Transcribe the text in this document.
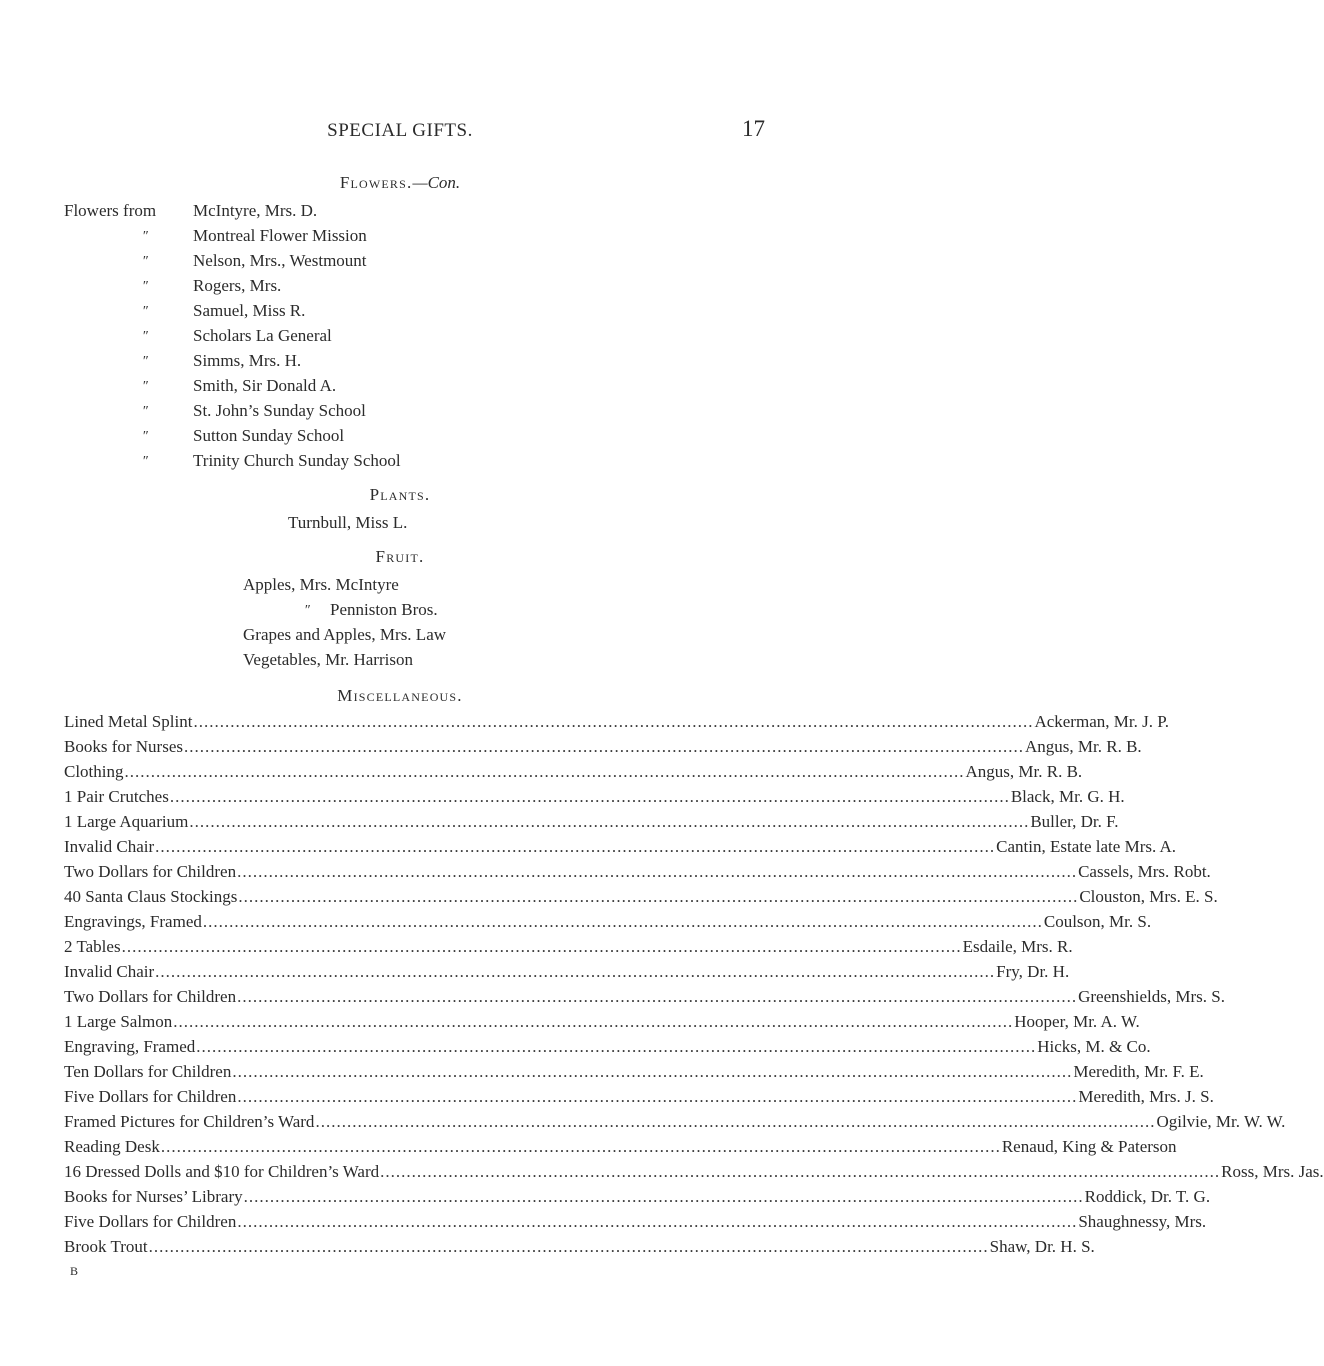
SPECIAL GIFTS.	17
Flowers.—Con.
Flowers from McIntyre, Mrs. D.
″	Montreal Flower Mission
″	Nelson, Mrs., Westmount
″	Rogers, Mrs.
″	Samuel, Miss R.
″	Scholars La General
″	Simms, Mrs. H.
″	Smith, Sir Donald A.
″	St. John’s Sunday School
″	Sutton Sunday School
″	Trinity Church Sunday School
Plants.
Turnbull, Miss L.
Fruit.
Apples, Mrs. McIntyre
″ Penniston Bros.
Grapes and Apples, Mrs. Law
Vegetables, Mr. Harrison
Miscellaneous.
Lined Metal Splint ................................................................................................................................................................ Ackerman, Mr. J. P.
Books for Nurses ................................................................................................................................................................ Angus, Mr. R. B.
Clothing ................................................................................................................................................................ Angus, Mr. R. B.
1 Pair Crutches ................................................................................................................................................................ Black, Mr. G. H.
1 Large Aquarium ................................................................................................................................................................ Buller, Dr. F.
Invalid Chair ................................................................................................................................................................ Cantin, Estate late Mrs. A.
Two Dollars for Children ................................................................................................................................................................ Cassels, Mrs. Robt.
40 Santa Claus Stockings ................................................................................................................................................................ Clouston, Mrs. E. S.
Engravings, Framed ................................................................................................................................................................ Coulson, Mr. S.
2 Tables ................................................................................................................................................................ Esdaile, Mrs. R.
Invalid Chair ................................................................................................................................................................ Fry, Dr. H.
Two Dollars for Children ................................................................................................................................................................ Greenshields, Mrs. S.
1 Large Salmon ................................................................................................................................................................ Hooper, Mr. A. W.
Engraving, Framed ................................................................................................................................................................ Hicks, M. & Co.
Ten Dollars for Children ................................................................................................................................................................ Meredith, Mr. F. E.
Five Dollars for Children ................................................................................................................................................................ Meredith, Mrs. J. S.
Framed Pictures for Children’s Ward ................................................................................................................................................................ Ogilvie, Mr. W. W.
Reading Desk ................................................................................................................................................................ Renaud, King & Paterson
16 Dressed Dolls and $10 for Children’s Ward ................................................................................................................................................................ Ross, Mrs. Jas.
Books for Nurses’ Library ................................................................................................................................................................ Roddick, Dr. T. G.
Five Dollars for Children ................................................................................................................................................................ Shaughnessy, Mrs.
Brook Trout ................................................................................................................................................................ Shaw, Dr. H. S.
B
